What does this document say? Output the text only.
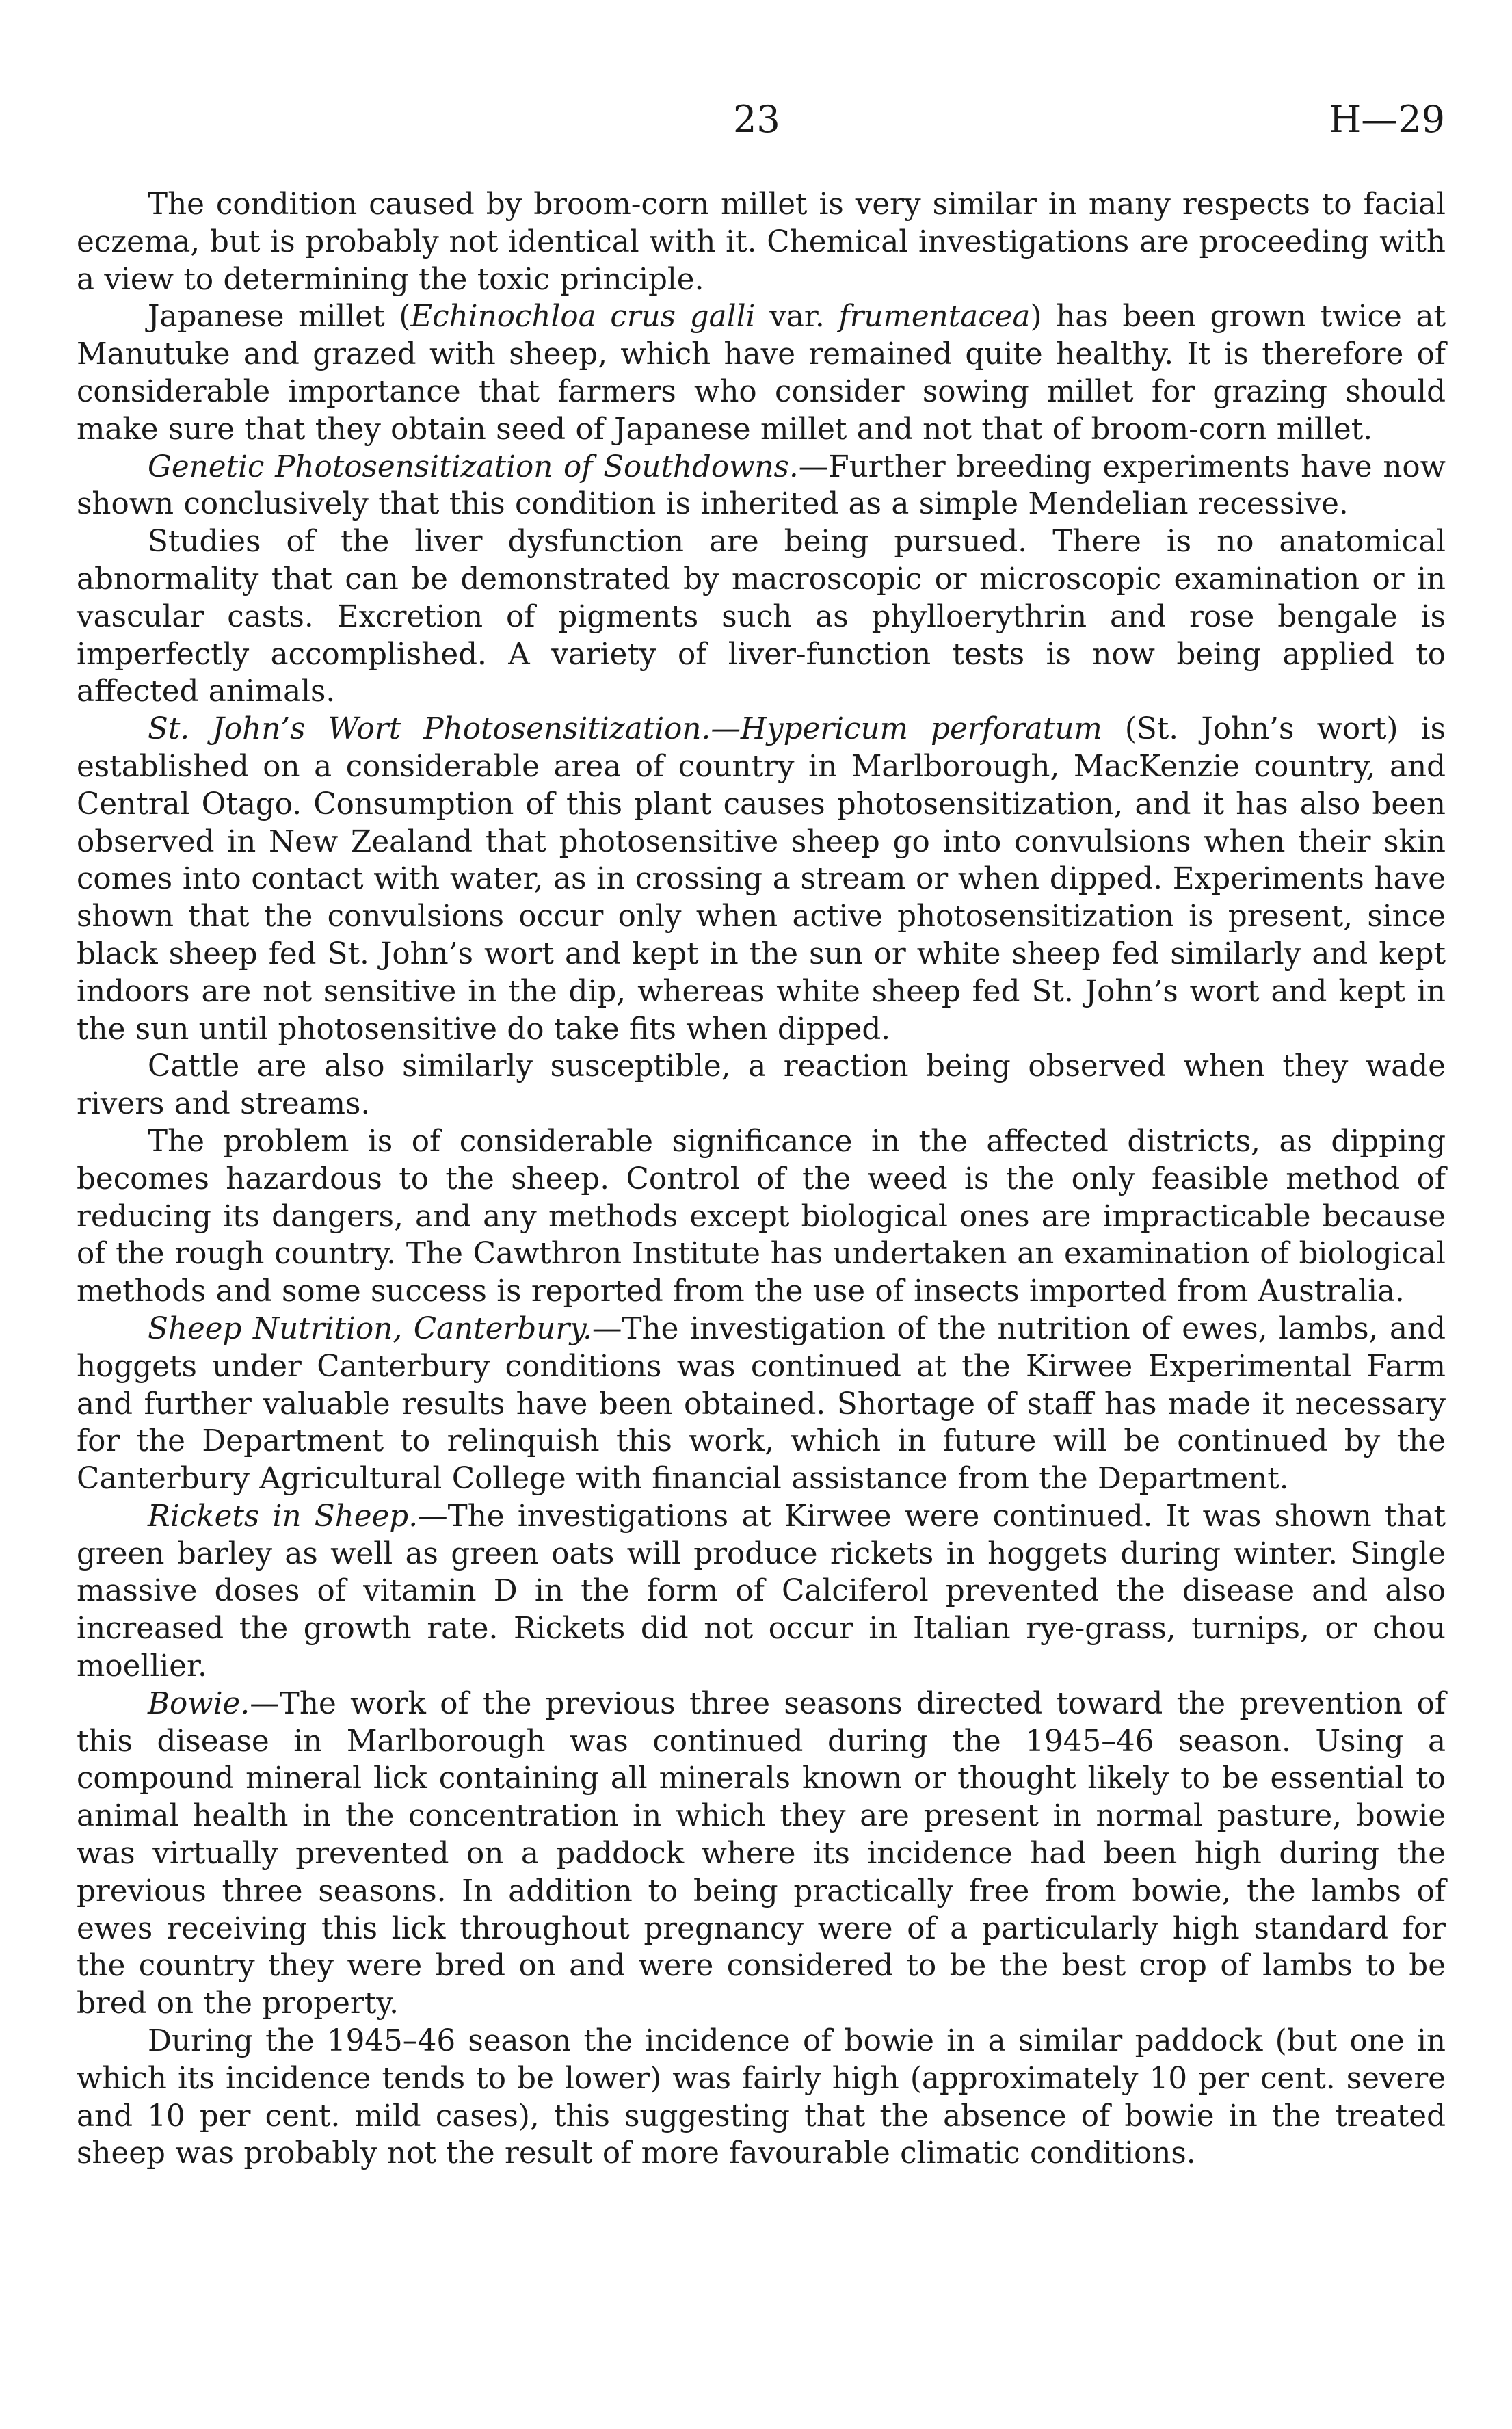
23	H—29

The condition caused by broom-corn millet is very similar in many respects to facial eczema, but is probably not identical with it. Chemical investigations are proceeding with a view to determining the toxic principle.

Japanese millet (Echinochloa crus galli var. frumentacea) has been grown twice at Manutuke and grazed with sheep, which have remained quite healthy. It is therefore of considerable importance that farmers who consider sowing millet for grazing should make sure that they obtain seed of Japanese millet and not that of broom-corn millet.

Genetic Photosensitization of Southdowns.—Further breeding experiments have now shown conclusively that this condition is inherited as a simple Mendelian recessive.

Studies of the liver dysfunction are being pursued. There is no anatomical abnormality that can be demonstrated by macroscopic or microscopic examination or in vascular casts. Excretion of pigments such as phylloerythrin and rose bengale is imperfectly accomplished. A variety of liver-function tests is now being applied to affected animals.

St. John’s Wort Photosensitization.—Hypericum perforatum (St. John’s wort) is established on a considerable area of country in Marlborough, MacKenzie country, and Central Otago. Consumption of this plant causes photosensitization, and it has also been observed in New Zealand that photosensitive sheep go into convulsions when their skin comes into contact with water, as in crossing a stream or when dipped. Experiments have shown that the convulsions occur only when active photosensitization is present, since black sheep fed St. John’s wort and kept in the sun or white sheep fed similarly and kept indoors are not sensitive in the dip, whereas white sheep fed St. John’s wort and kept in the sun until photosensitive do take fits when dipped.

Cattle are also similarly susceptible, a reaction being observed when they wade rivers and streams.

The problem is of considerable significance in the affected districts, as dipping becomes hazardous to the sheep. Control of the weed is the only feasible method of reducing its dangers, and any methods except biological ones are impracticable because of the rough country. The Cawthron Institute has undertaken an examination of biological methods and some success is reported from the use of insects imported from Australia.

Sheep Nutrition, Canterbury.—The investigation of the nutrition of ewes, lambs, and hoggets under Canterbury conditions was continued at the Kirwee Experimental Farm and further valuable results have been obtained. Shortage of staff has made it necessary for the Department to relinquish this work, which in future will be continued by the Canterbury Agricultural College with financial assistance from the Department.

Rickets in Sheep.—The investigations at Kirwee were continued. It was shown that green barley as well as green oats will produce rickets in hoggets during winter. Single massive doses of vitamin D in the form of Calciferol prevented the disease and also increased the growth rate. Rickets did not occur in Italian rye-grass, turnips, or chou moellier.

Bowie.—The work of the previous three seasons directed toward the prevention of this disease in Marlborough was continued during the 1945–46 season. Using a compound mineral lick containing all minerals known or thought likely to be essential to animal health in the concentration in which they are present in normal pasture, bowie was virtually prevented on a paddock where its incidence had been high during the previous three seasons. In addition to being practically free from bowie, the lambs of ewes receiving this lick throughout pregnancy were of a particularly high standard for the country they were bred on and were considered to be the best crop of lambs to be bred on the property.

During the 1945–46 season the incidence of bowie in a similar paddock (but one in which its incidence tends to be lower) was fairly high (approximately 10 per cent. severe and 10 per cent. mild cases), this suggesting that the absence of bowie in the treated sheep was probably not the result of more favourable climatic conditions.
